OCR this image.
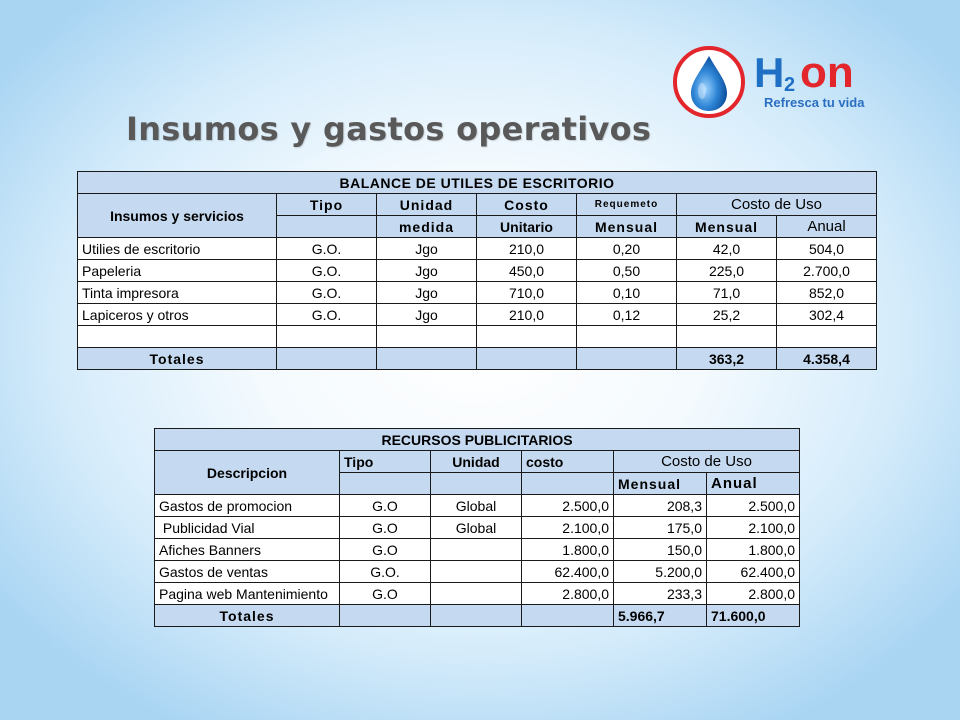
Insumos y gastos operativos
H 2 on
Refresca tu vida
BALANCE DE UTILES DE ESCRITORIO						
Insumos y servicios	Tipo	Unidad	Costo	Requemeto	Costo de Uso	
		medida	Unitario	Mensual	Mensual	Anual
Utilies de escritorio	G.O.	Jgo	210,0	0,20	42,0	504,0
Papeleria	G.O.	Jgo	450,0	0,50	225,0	2.700,0
Tinta impresora	G.O.	Jgo	710,0	0,10	71,0	852,0
Lapiceros y otros	G.O.	Jgo	210,0	0,12	25,2	302,4

Totales					363,2	4.358,4
RECURSOS PUBLICITARIOS					
Descripcion	Tipo	Unidad	costo	Costo de Uso	
				Mensual	Anual
Gastos de promocion	G.O	Global	2.500,0	208,3	2.500,0
Publicidad Vial	G.O	Global	2.100,0	175,0	2.100,0
Afiches Banners	G.O		1.800,0	150,0	1.800,0
Gastos de ventas	G.O.		62.400,0	5.200,0	62.400,0
Pagina web Mantenimiento	G.O		2.800,0	233,3	2.800,0
Totales				5.966,7	71.600,0
